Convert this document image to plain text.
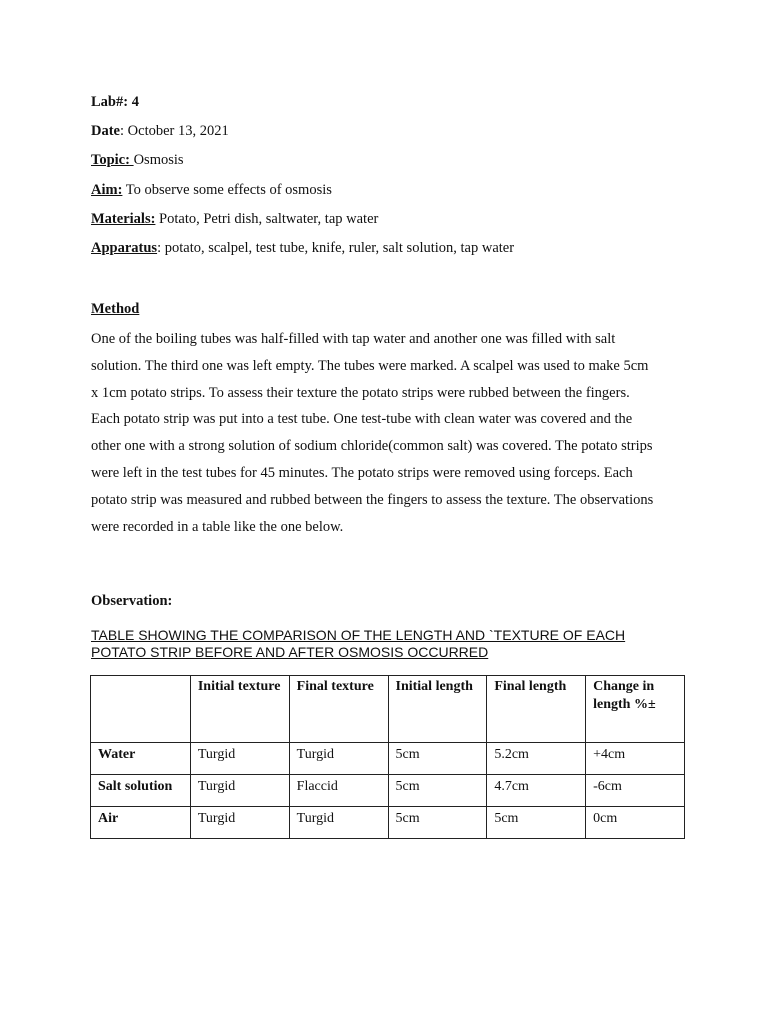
Lab#: 4
Date: October 13, 2021
Topic: Osmosis
Aim: To observe some effects of osmosis
Materials: Potato, Petri dish, saltwater, tap water
Apparatus: potato, scalpel, test tube, knife, ruler, salt solution, tap water
Method

One of the boiling tubes was half-filled with tap water and another one was filled with salt

solution. The third one was left empty. The tubes were marked. A scalpel was used to make 5cm

x 1cm potato strips. To assess their texture the potato strips were rubbed between the fingers.

Each potato strip was put into a test tube. One test-tube with clean water was covered and the

other one with a strong solution of sodium chloride(common salt) was covered. The potato strips

were left in the test tubes for 45 minutes. The potato strips were removed using forceps. Each

potato strip was measured and rubbed between the fingers to assess the texture. The observations

were recorded in a table like the one below.

Observation:

TABLE SHOWING THE COMPARISON OF THE LENGTH AND `TEXTURE OF EACH

POTATO STRIP BEFORE AND AFTER OSMOSIS OCCURRED

	Initial texture	Final texture	Initial length	Final length	Change in length %±
Water	Turgid	Turgid	5cm	5.2cm	+4cm
Salt solution	Turgid	Flaccid	5cm	4.7cm	-6cm
Air	Turgid	Turgid	5cm	5cm	0cm
